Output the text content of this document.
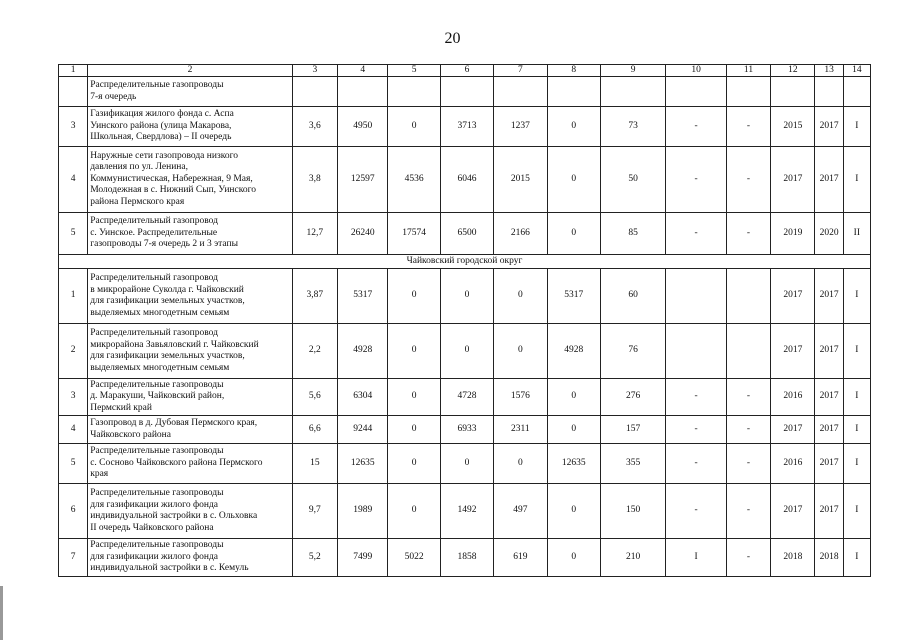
20
1	2	3	4	5	6	7	8	9	10	11	12	13	14
	Распределительные газопроводы
7-я очередь												
3	Газификация жилого фонда с. Аспа
Уинского района (улица Макарова,
Школьная, Свердлова) – II очередь	3,6	4950	0	3713	1237	0	73	-	-	2015	2017	I
4	Наружные сети газопровода низкого
давления по ул. Ленина,
Коммунистическая, Набережная, 9 Мая,
Молодежная в с. Нижний Сып, Уинского
района Пермского края	3,8	12597	4536	6046	2015	0	50	-	-	2017	2017	I
5	Распределительный газопровод
с. Уинское. Распределительные
газопроводы 7-я очередь 2 и 3 этапы	12,7	26240	17574	6500	2166	0	85	-	-	2019	2020	II
Чайковский городской округ													
1	Распределительный газопровод
в микрорайоне Суколда г. Чайковский
для газификации земельных участков,
выделяемых многодетным семьям	3,87	5317	0	0	0	5317	60			2017	2017	I
2	Распределительный газопровод
микрорайона Завьяловский г. Чайковский
для газификации земельных участков,
выделяемых многодетным семьям	2,2	4928	0	0	0	4928	76			2017	2017	I
3	Распределительные газопроводы
д. Маракуши, Чайковский район,
Пермский край	5,6	6304	0	4728	1576	0	276	-	-	2016	2017	I
4	Газопровод в д. Дубовая Пермского края,
Чайковского района	6,6	9244	0	6933	2311	0	157	-	-	2017	2017	I
5	Распределительные газопроводы
с. Сосново Чайковского района Пермского
края	15	12635	0	0	0	12635	355	-	-	2016	2017	I
6	Распределительные газопроводы
для газификации жилого фонда
индивидуальной застройки в с. Ольховка
II очередь Чайковского района	9,7	1989	0	1492	497	0	150	-	-	2017	2017	I
7	Распределительные газопроводы
для газификации жилого фонда
индивидуальной застройки в с. Кемуль	5,2	7499	5022	1858	619	0	210	I	-	2018	2018	I
